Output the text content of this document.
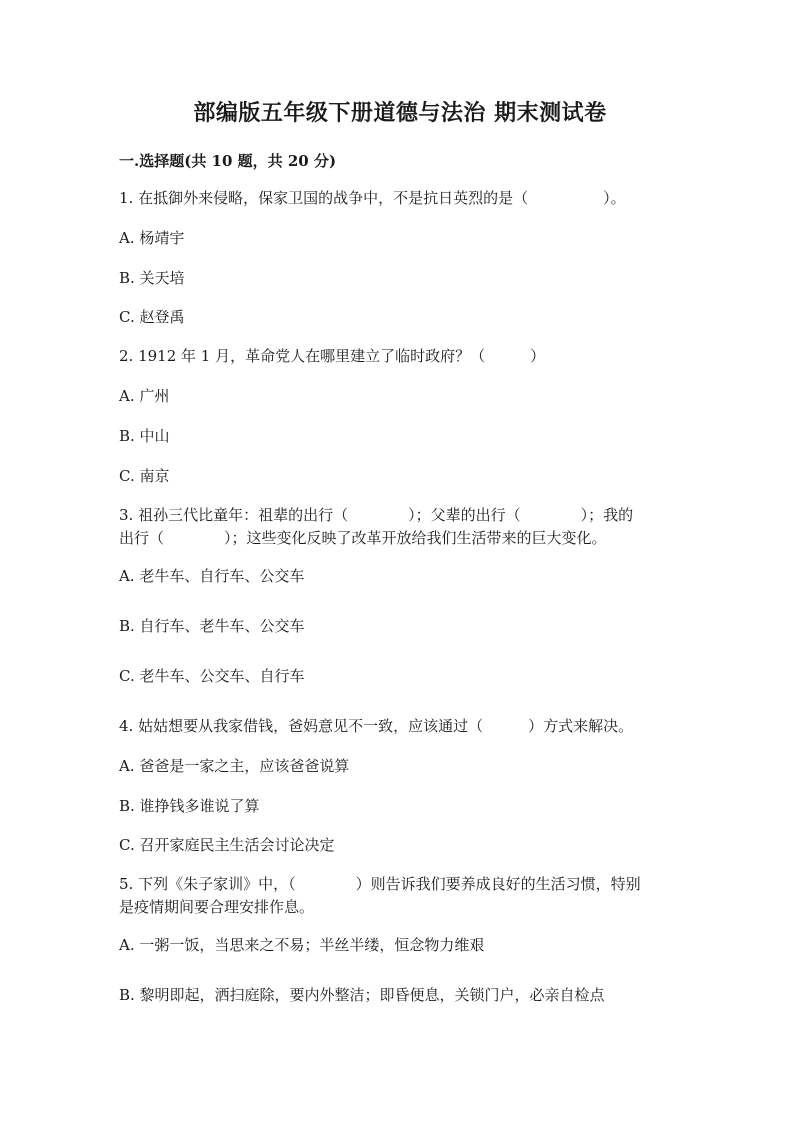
部编版五年级下册道德与法治 期末测试卷
一.选择题(共 10 题，共 20 分)
1. 在抵御外来侵略，保家卫国的战争中，不是抗日英烈的是（　　　　　）。
A. 杨靖宇
B. 关天培
C. 赵登禹
2. 1912 年 1 月，革命党人在哪里建立了临时政府？（　　　）
A. 广州
B. 中山
C. 南京
3. 祖孙三代比童年：祖辈的出行（　　　　）；父辈的出行（　　　　）；我的
出行（　　　　）；这些变化反映了改革开放给我们生活带来的巨大变化。
A. 老牛车、自行车、公交车
B. 自行车、老牛车、公交车
C. 老牛车、公交车、自行车
4. 姑姑想要从我家借钱，爸妈意见不一致，应该通过（　　　）方式来解决。
A. 爸爸是一家之主，应该爸爸说算
B. 谁挣钱多谁说了算
C. 召开家庭民主生活会讨论决定
5. 下列《朱子家训》中，（　　　　）则告诉我们要养成良好的生活习惯，特别
是疫情期间要合理安排作息。
A. 一粥一饭，当思来之不易；半丝半缕，恒念物力维艰
B. 黎明即起，洒扫庭除，要内外整洁；即昏便息，关锁门户，必亲自检点
